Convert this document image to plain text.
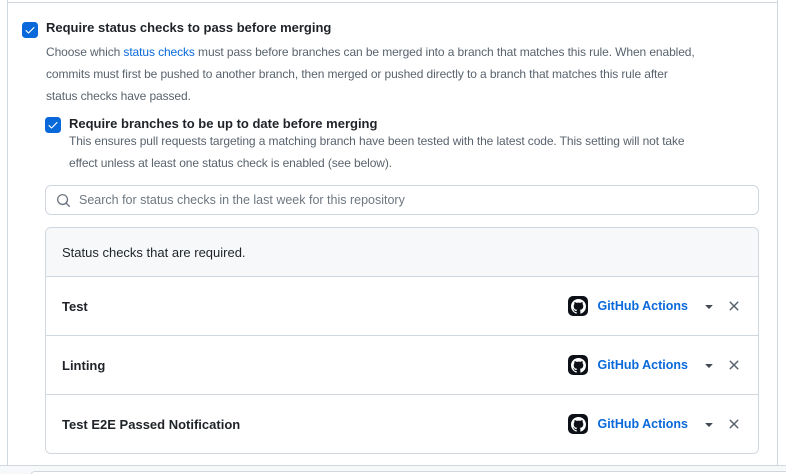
Require status checks to pass before merging
Choose which status checks must pass before branches can be merged into a branch that matches this rule. When enabled,
commits must first be pushed to another branch, then merged or pushed directly to a branch that matches this rule after
status checks have passed.
Require branches to be up to date before merging
This ensures pull requests targeting a matching branch have been tested with the latest code. This setting will not take
effect unless at least one status check is enabled (see below).
Search for status checks in the last week for this repository
Status checks that are required.
Test	GitHub Actions
Linting	GitHub Actions
Test E2E Passed Notification	GitHub Actions
